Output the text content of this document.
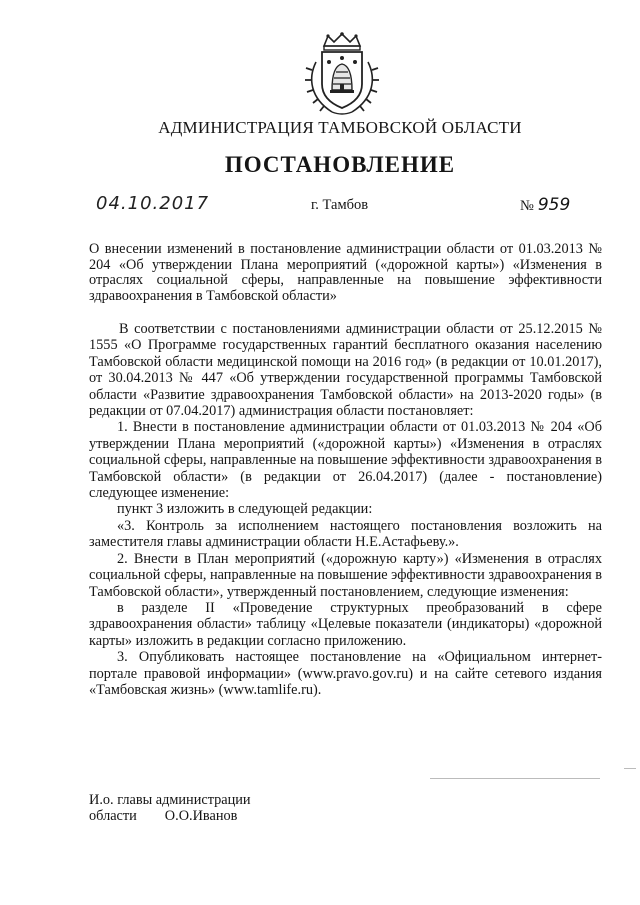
АДМИНИСТРАЦИЯ ТАМБОВСКОЙ ОБЛАСТИ
ПОСТАНОВЛЕНИЕ
04.10.2017	г. Тамбов	№ 959
О внесении изменений в постановление администрации области от 01.03.2013 № 204 «Об утверждении Плана мероприятий («дорожной карты») «Изменения в отраслях социальной сферы, направленные на повышение эффективности здравоохранения в Тамбовской области»

В соответствии с постановлениями администрации области от 25.12.2015 № 1555 «О Программе государственных гарантий бесплатного оказания населению Тамбовской области медицинской помощи на 2016 год» (в редакции от 10.01.2017), от 30.04.2013 № 447 «Об утверждении государственной программы Тамбовской области «Развитие здравоохранения Тамбовской области» на 2013-2020 годы» (в редакции от 07.04.2017) администрация области постановляет:

1. Внести в постановление администрации области от 01.03.2013 № 204 «Об утверждении Плана мероприятий («дорожной карты») «Изменения в отраслях социальной сферы, направленные на повышение эффективности здравоохранения в Тамбовской области» (в редакции от 26.04.2017) (далее - постановление) следующее изменение:

пункт 3 изложить в следующей редакции:

«3. Контроль за исполнением настоящего постановления возложить на заместителя главы администрации области Н.Е.Астафьеву.».

2. Внести в План мероприятий («дорожную карту») «Изменения в отраслях социальной сферы, направленные на повышение эффективности здравоохранения в Тамбовской области», утвержденный постановлением, следующие изменения:

в разделе II «Проведение структурных преобразований в сфере здравоохранения области» таблицу «Целевые показатели (индикаторы) «дорожной карты» изложить в редакции согласно приложению.

3. Опубликовать настоящее постановление на «Официальном интернет-портале правовой информации» (www.pravo.gov.ru) и на сайте сетевого издания «Тамбовская жизнь» (www.tamlife.ru).

И.о. главы администрации
области О.О.Иванов
